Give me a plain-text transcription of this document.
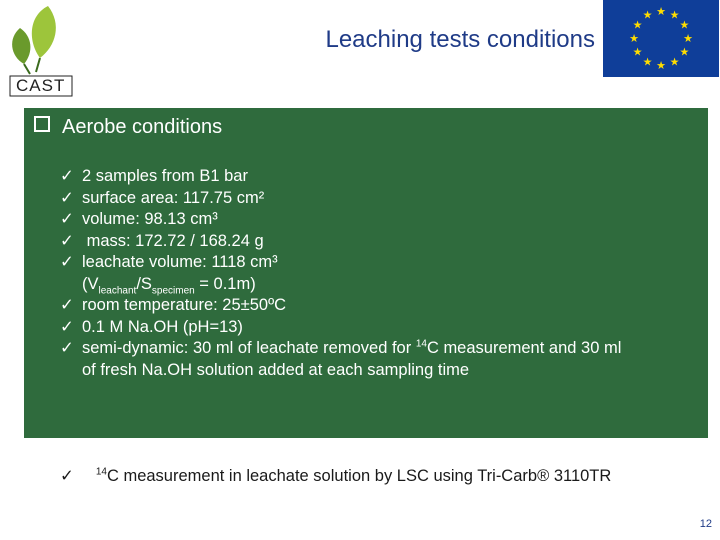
CAST
Leaching tests conditions
★ ★
★
★
★
★
★
★
★
★
★
★
Aerobe conditions
✓ 2 samples from B1 bar
✓ surface area: 117.75 cm²
✓ volume: 98.13 cm³
✓ mass: 172.72 / 168.24 g
✓ leachate volume: 1118 cm³
$(V_{leachant}/S_{specimen} = 0.1m)$
✓ room temperature: 25±50ºC
✓ 0.1 M Na.OH (pH=13)
✓ semi-dynamic: 30 ml of leachate removed for $^{14}$C measurement and 30 ml
of fresh Na.OH solution added at each sampling time
✓ $^{14}$C measurement in leachate solution by LSC using Tri-Carb® 3110TR
12
